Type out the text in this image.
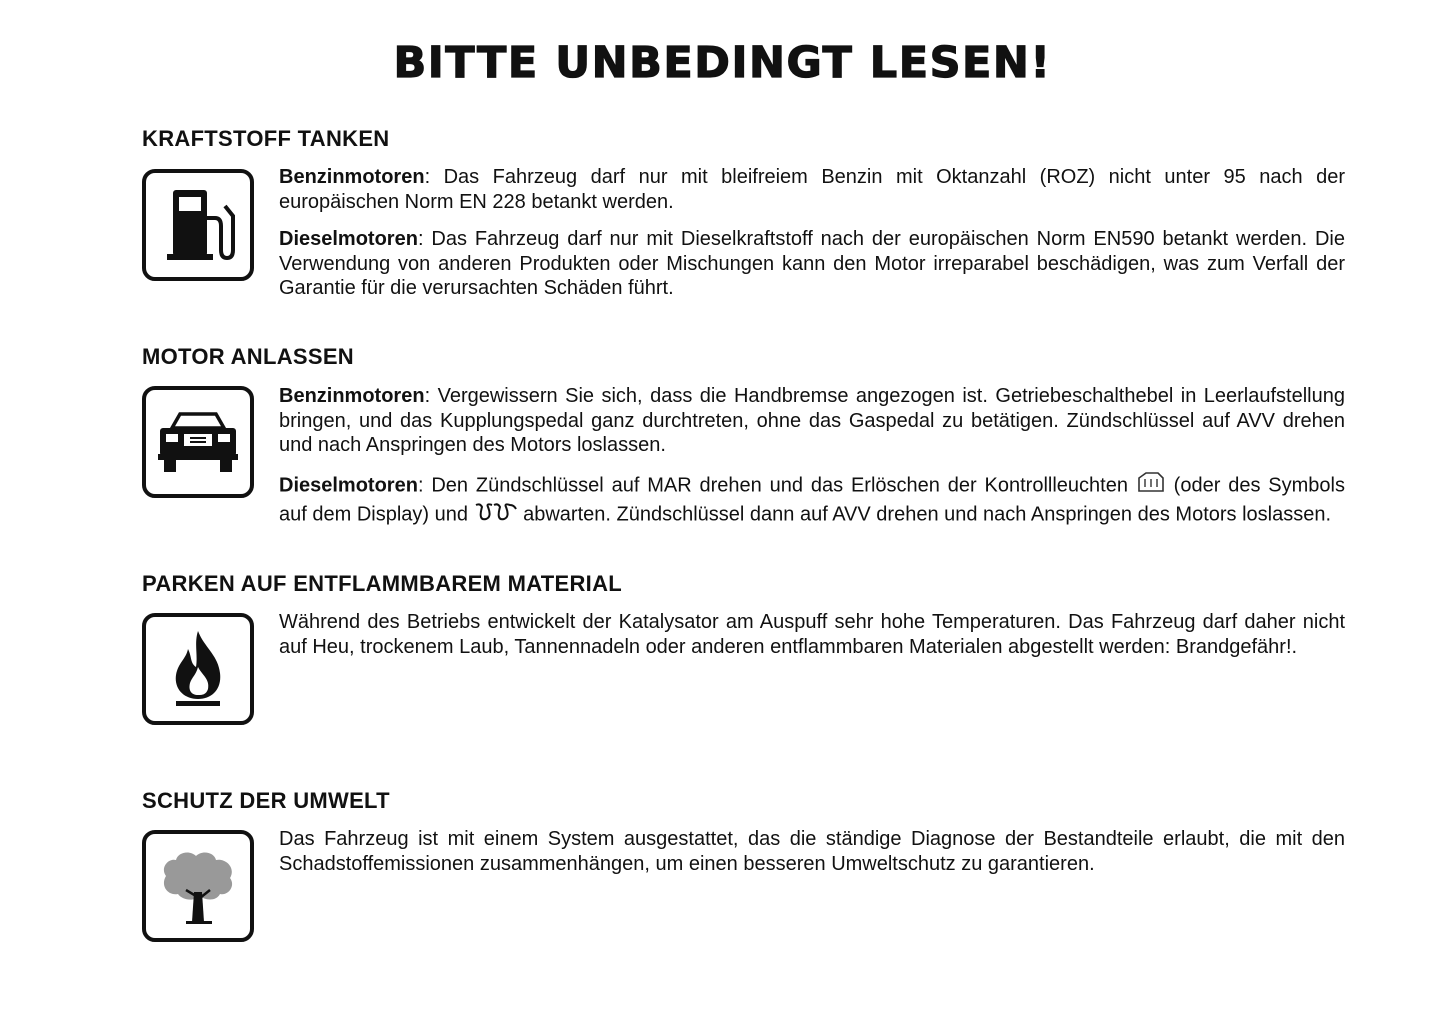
BITTE UNBEDINGT LESEN!
KRAFTSTOFF TANKEN

Benzinmotoren: Das Fahrzeug darf nur mit bleifreiem Benzin mit Oktanzahl (ROZ) nicht unter 95 nach der europäischen Norm EN 228 betankt werden.

Dieselmotoren: Das Fahrzeug darf nur mit Dieselkraftstoff nach der europäischen Norm EN590 betankt werden. Die Verwendung von anderen Produkten oder Mischungen kann den Motor irreparabel beschädigen, was zum Verfall der Garantie für die verursachten Schäden führt.

MOTOR ANLASSEN

Benzinmotoren: Vergewissern Sie sich, dass die Handbremse angezogen ist. Getriebeschalthebel in Leerlaufstellung bringen, und das Kupplungspedal ganz durchtreten, ohne das Gaspedal zu betätigen. Zündschlüssel auf AVV drehen und nach Anspringen des Motors loslassen.

Dieselmotoren: Den Zündschlüssel auf MAR drehen und das Erlöschen der Kontrollleuchten (oder des Symbols auf dem Display) und	abwarten. Zündschlüssel dann auf AVV drehen und nach Anspringen des Motors loslassen.

PARKEN AUF ENTFLAMMBAREM MATERIAL

Während des Betriebs entwickelt der Katalysator am Auspuff sehr hohe Temperaturen. Das Fahrzeug darf daher nicht auf Heu, trockenem Laub, Tannennadeln oder anderen entflammbaren Materialen abgestellt werden: Brandgefähr!.

SCHUTZ DER UMWELT

Das Fahrzeug ist mit einem System ausgestattet, das die ständige Diagnose der Bestandteile erlaubt, die mit den Schadstoffemissionen zusammenhängen, um einen besseren Umweltschutz zu garantieren.
